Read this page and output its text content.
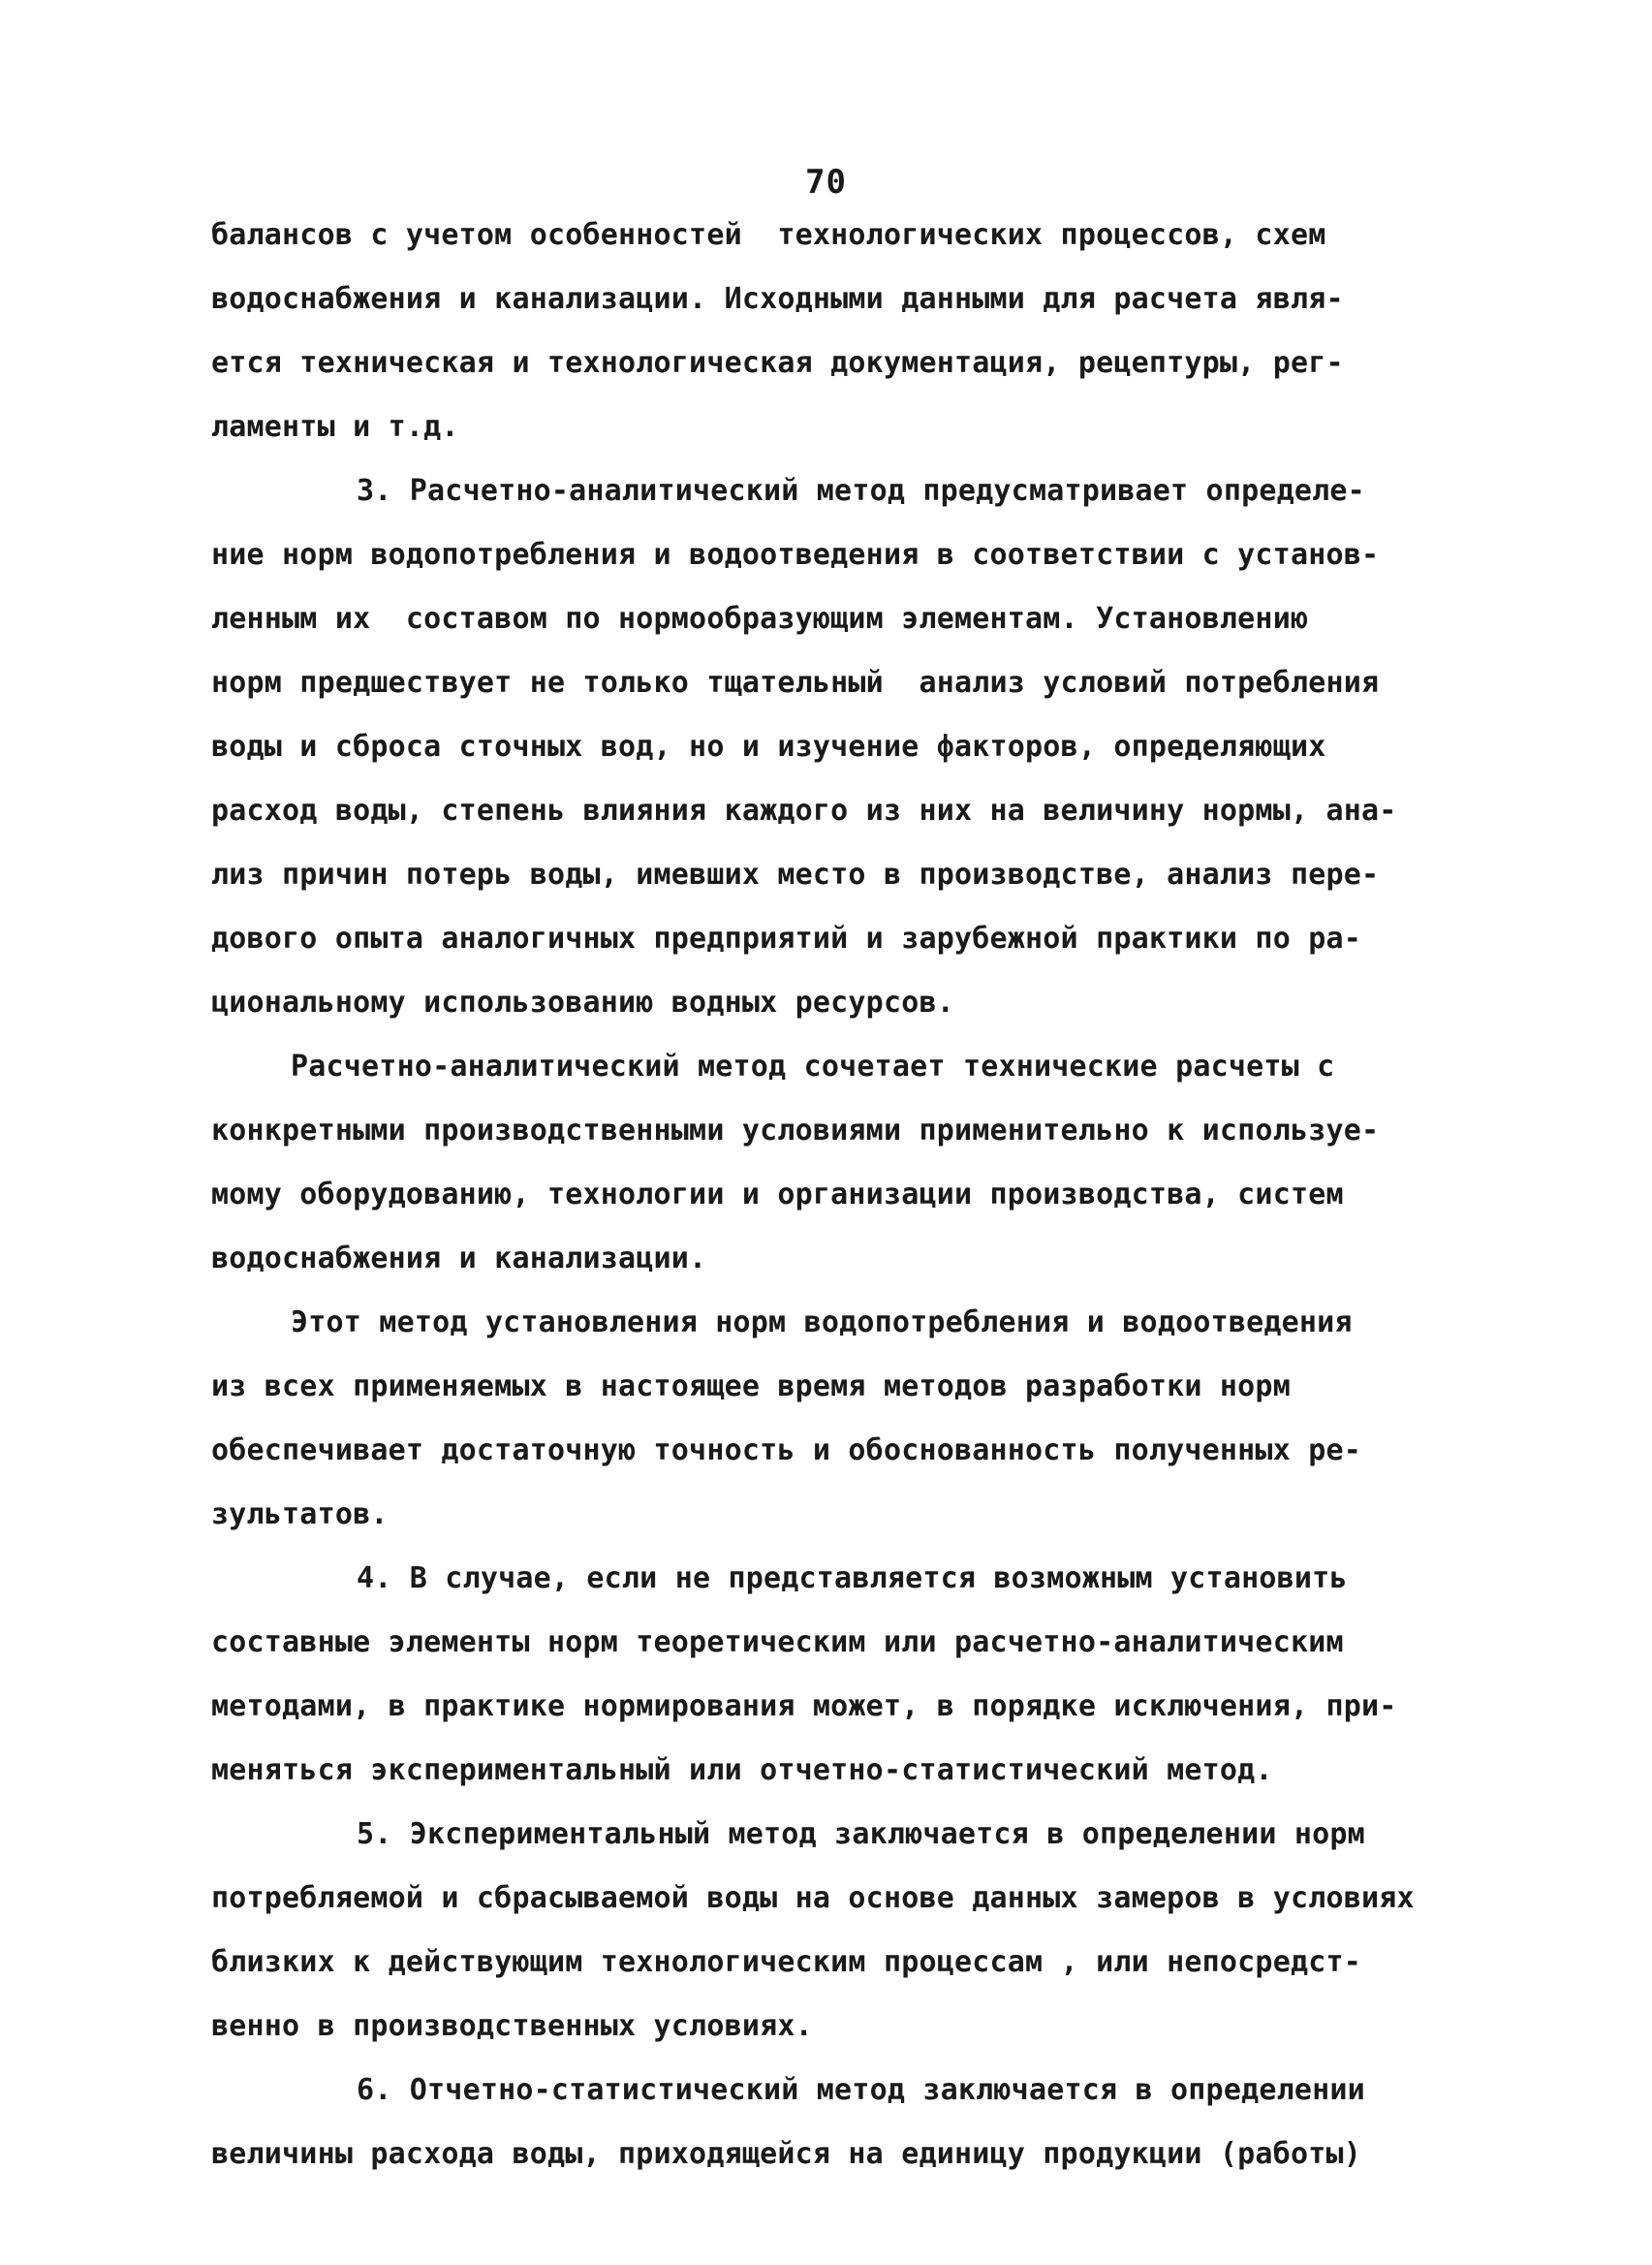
70
балансов с учетом особенностей  технологических процессов, схем
водоснабжения и канализации. Исходными данными для расчета явля-
ется техническая и технологическая документация, рецептуры, рег-
ламенты и т.д.
3. Расчетно-аналитический метод предусматривает определе-
ние норм водопотребления и водоотведения в соответствии с установ-
ленным их  составом по нормообразующим элементам. Установлению
норм предшествует не только тщательный  анализ условий потребления
воды и сброса сточных вод, но и изучение факторов, определяющих
расход воды, степень влияния каждого из них на величину нормы, ана-
лиз причин потерь воды, имевших место в производстве, анализ пере-
дового опыта аналогичных предприятий и зарубежной практики по ра-
циональному использованию водных ресурсов.
Расчетно-аналитический метод сочетает технические расчеты с
конкретными производственными условиями применительно к используе-
мому оборудованию, технологии и организации производства, систем
водоснабжения и канализации.
Этот метод установления норм водопотребления и водоотведения
из всех применяемых в настоящее время методов разработки норм
обеспечивает достаточную точность и обоснованность полученных ре-
зультатов.
4. В случае, если не представляется возможным установить
составные элементы норм теоретическим или расчетно-аналитическим
методами, в практике нормирования может, в порядке исключения, при-
меняться экспериментальный или отчетно-статистический метод.
5. Экспериментальный метод заключается в определении норм
потребляемой и сбрасываемой воды на основе данных замеров в условиях
близких к действующим технологическим процессам , или непосредст-
венно в производственных условиях.
6. Отчетно-статистический метод заключается в определении
величины расхода воды, приходящейся на единицу продукции (работы)
